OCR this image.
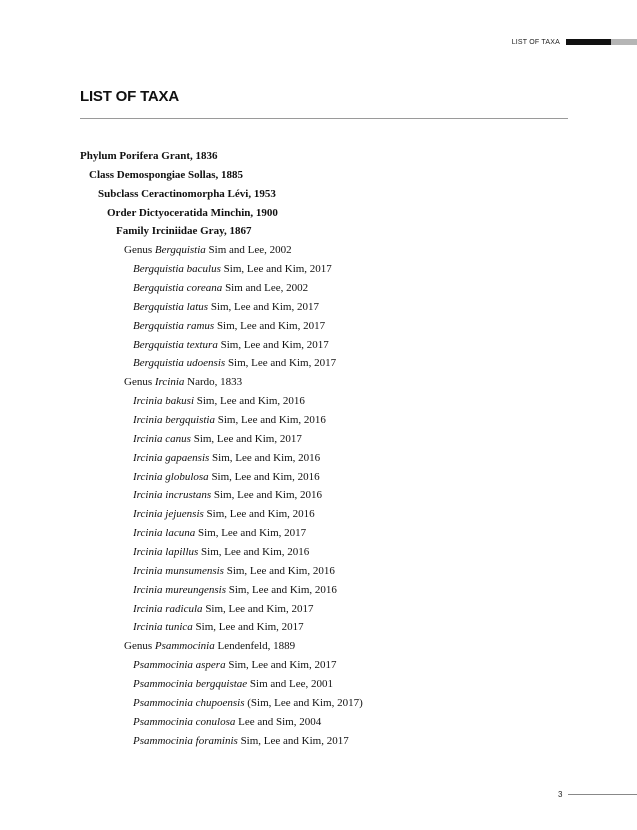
LIST OF TAXA
LIST OF TAXA
Phylum Porifera Grant, 1836
Class Demospongiae Sollas, 1885
Subclass Ceractinomorpha Lévi, 1953
Order Dictyoceratida Minchin, 1900
Family Irciniidae Gray, 1867
Genus Bergquistia Sim and Lee, 2002
Bergquistia baculus Sim, Lee and Kim, 2017
Bergquistia coreana Sim and Lee, 2002
Bergquistia latus Sim, Lee and Kim, 2017
Bergquistia ramus Sim, Lee and Kim, 2017
Bergquistia textura Sim, Lee and Kim, 2017
Bergquistia udoensis Sim, Lee and Kim, 2017
Genus Ircinia Nardo, 1833
Ircinia bakusi Sim, Lee and Kim, 2016
Ircinia bergquistia Sim, Lee and Kim, 2016
Ircinia canus Sim, Lee and Kim, 2017
Ircinia gapaensis Sim, Lee and Kim, 2016
Ircinia globulosa Sim, Lee and Kim, 2016
Ircinia incrustans Sim, Lee and Kim, 2016
Ircinia jejuensis Sim, Lee and Kim, 2016
Ircinia lacuna Sim, Lee and Kim, 2017
Ircinia lapillus Sim, Lee and Kim, 2016
Ircinia munsumensis Sim, Lee and Kim, 2016
Ircinia mureungensis Sim, Lee and Kim, 2016
Ircinia radicula Sim, Lee and Kim, 2017
Ircinia tunica Sim, Lee and Kim, 2017
Genus Psammocinia Lendenfeld, 1889
Psammocinia aspera Sim, Lee and Kim, 2017
Psammocinia bergquistae Sim and Lee, 2001
Psammocinia chupoensis (Sim, Lee and Kim, 2017)
Psammocinia conulosa Lee and Sim, 2004
Psammocinia foraminis Sim, Lee and Kim, 2017
3
